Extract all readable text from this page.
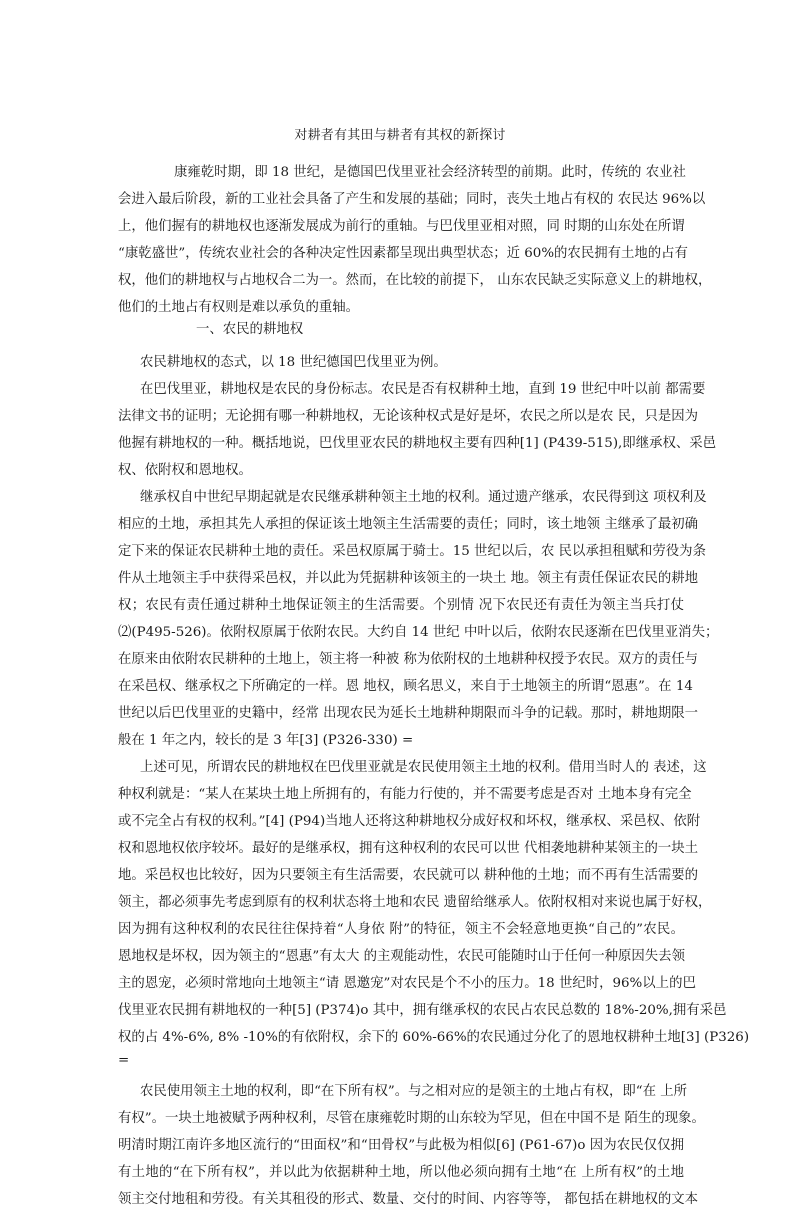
对耕者有其田与耕者有其权的新探讨
康雍乾时期，即 18 世纪，是德国巴伐里亚社会经济转型的前期。此时，传统的 农业社
会进入最后阶段，新的工业社会具备了产生和发展的基础；同时，丧失土地占有权的 农民达 96%以
上，他们握有的耕地权也逐渐发展成为前行的重轴。与巴伐里亚相对照，同 时期的山东处在所谓
“康乾盛世”，传统农业社会的各种决定性因素都呈现出典型状态；近 60%的农民拥有土地的占有
权，他们的耕地权与占地权合二为一。然而，在比较的前提下， 山东农民缺乏实际意义上的耕地权，
他们的土地占有权则是难以承负的重轴。
一、农民的耕地权
农民耕地权的态式，以 18 世纪德国巴伐里亚为例。
在巴伐里亚，耕地权是农民的身份标志。农民是否有权耕种土地，直到 19 世纪中叶以前 都需要
法律文书的证明；无论拥有哪一种耕地权，无论该种权式是好是坏，农民之所以是农 民，只是因为
他握有耕地权的一种。概括地说，巴伐里亚农民的耕地权主要有四种[1] (P439-515),即继承权、采邑
权、依附权和恩地权。
继承权自中世纪早期起就是农民继承耕种领主土地的权利。通过遗产继承，农民得到这 项权利及
相应的土地，承担其先人承担的保证该土地领主生活需要的责任；同时，该土地领 主继承了最初确
定下来的保证农民耕种土地的责任。采邑权原属于骑士。15 世纪以后，农 民以承担租赋和劳役为条
件从土地领主手中获得采邑权，并以此为凭据耕种该领主的一块土 地。领主有责任保证农民的耕地
权；农民有责任通过耕种土地保证领主的生活需要。个别情 况下农民还有责任为领主当兵打仗
⑵(P495-526)。依附权原属于依附农民。大约自 14 世纪 中叶以后，依附农民逐渐在巴伐里亚消失；
在原来由依附农民耕种的土地上，领主将一种被 称为依附权的土地耕种权授予农民。双方的责任与
在采邑权、继承权之下所确定的一样。恩 地权，顾名思义，来自于土地领主的所谓“恩惠”。在 14
世纪以后巴伐里亚的史籍中，经常 出现农民为延长土地耕种期限而斗争的记载。那时，耕地期限一
般在 1 年之内，较长的是 3 年[3] (P326-330) =
上述可见，所谓农民的耕地权在巴伐里亚就是农民使用领主土地的权利。借用当时人的 表述，这
种权利就是：“某人在某块土地上所拥有的，有能力行使的，并不需要考虑是否对 土地本身有完全
或不完全占有权的权利。”[4] (P94)当地人还将这种耕地权分成好权和坏权，继承权、采邑权、依附
权和恩地权依序较坏。最好的是继承权，拥有这种权利的农民可以世 代相袭地耕种某领主的一块土
地。采邑权也比较好，因为只要领主有生活需要，农民就可以 耕种他的土地；而不再有生活需要的
领主，都必须事先考虑到原有的权利状态将土地和农民 遗留给继承人。依附权相对来说也属于好权，
因为拥有这种权利的农民往往保持着“人身依 附”的特征，领主不会轻意地更换“自己的”农民。
恩地权是坏权，因为领主的“恩惠”有太大 的主观能动性，农民可能随时山于任何一种原因失去领
主的恩宠，必须时常地向土地领主“请 恩邀宠”对农民是个不小的压力。18 世纪时，96%以上的巴
伐里亚农民拥有耕地权的一种[5] (P374)o 其中，拥有继承权的农民占农民总数的 18%-20%,拥有采邑
权的占 4%-6%, 8% -10%的有依附权，余下的 60%-66%的农民通过分化了的恩地权耕种土地[3] (P326)
=
农民使用领主土地的权利，即“在下所有权”。与之相对应的是领主的土地占有权，即“在 上所
有权”。一块土地被赋予两种权利，尽管在康雍乾时期的山东较为罕见，但在中国不是 陌生的现象。
明清时期江南许多地区流行的“田面权”和“田骨权”与此极为相似[6] (P61-67)o 因为农民仅仅拥
有土地的“在下所有权”，并以此为依据耕种土地，所以他必须向拥有土地“在 上所有权”的土地
领主交付地租和劳役。有关其租役的形式、数量、交付的时间、内容等等， 都包括在耕地权的文本
